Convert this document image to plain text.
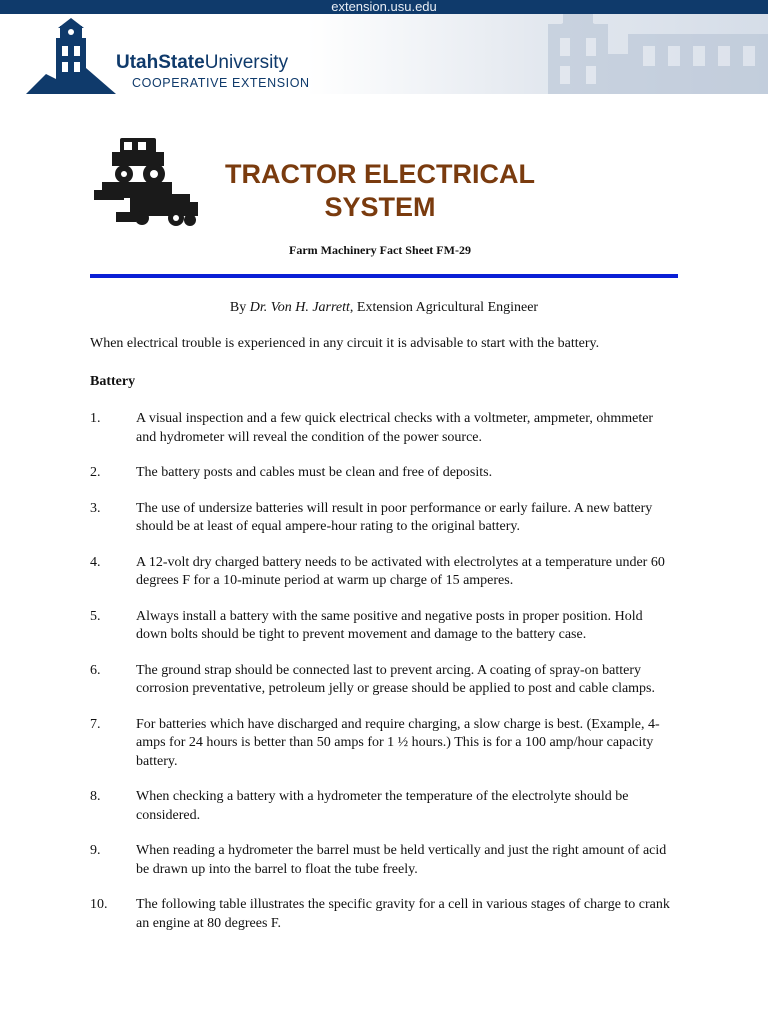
extension.usu.edu
UtahStateUniversity
COOPERATIVE EXTENSION
TRACTOR ELECTRICAL
SYSTEM
Farm Machinery Fact Sheet FM-29
By Dr. Von H. Jarrett, Extension Agricultural Engineer
When electrical trouble is experienced in any circuit it is advisable to start with the battery.
Battery
1.	A visual inspection and a few quick electrical checks with a voltmeter, ampmeter, ohmmeter and hydrometer will reveal the condition of the power source.
2.	The battery posts and cables must be clean and free of deposits.
3.	The use of undersize batteries will result in poor performance or early failure. A new battery should be at least of equal ampere-hour rating to the original battery.
4.	A 12-volt dry charged battery needs to be activated with electrolytes at a temperature under 60 degrees F for a 10-minute period at warm up charge of 15 amperes.
5.	Always install a battery with the same positive and negative posts in proper position. Hold down bolts should be tight to prevent movement and damage to the battery case.
6.	The ground strap should be connected last to prevent arcing. A coating of spray-on battery corrosion preventative, petroleum jelly or grease should be applied to post and cable clamps.
7.	For batteries which have discharged and require charging, a slow charge is best. (Example, 4-amps for 24 hours is better than 50 amps for 1 ½ hours.) This is for a 100 amp/hour capacity battery.
8.	When checking a battery with a hydrometer the temperature of the electrolyte should be considered.
9.	When reading a hydrometer the barrel must be held vertically and just the right amount of acid be drawn up into the barrel to float the tube freely.
10. The following table illustrates the specific gravity for a cell in various stages of charge to crank an engine at 80 degrees F.
